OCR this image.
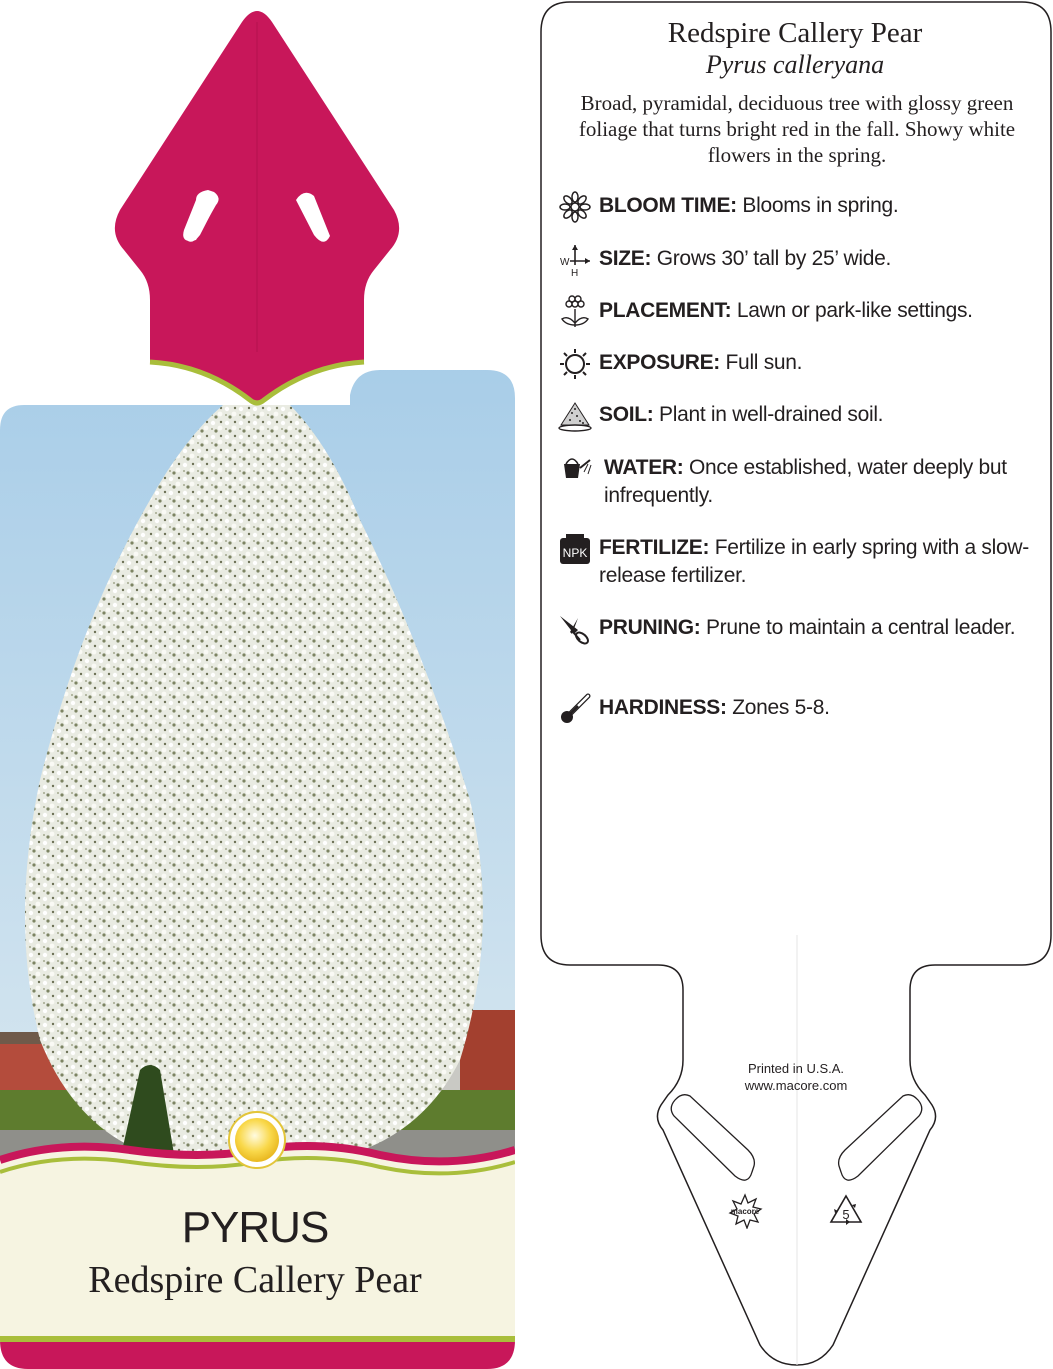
Redspire Callery Pear
Pyrus calleryana
Broad, pyramidal, deciduous tree with glossy green foliage that turns bright red in the fall. Showy white flowers in the spring.
BLOOM TIME: Blooms in spring.
W
H
SIZE: Grows 30’ tall by 25’ wide.
PLACEMENT: Lawn or park-like settings.
EXPOSURE: Full sun.
SOIL: Plant in well-drained soil.
WATER: Once established, water deeply but infrequently.
NPK FERTILIZE: Fertilize in early spring with a slow-release fertilizer.
PRUNING: Prune to maintain a central leader.
HARDINESS: Zones 5-8.
Printed in U.S.A.
www.macore.com
macore	5
PYRUS
Redspire Callery Pear
